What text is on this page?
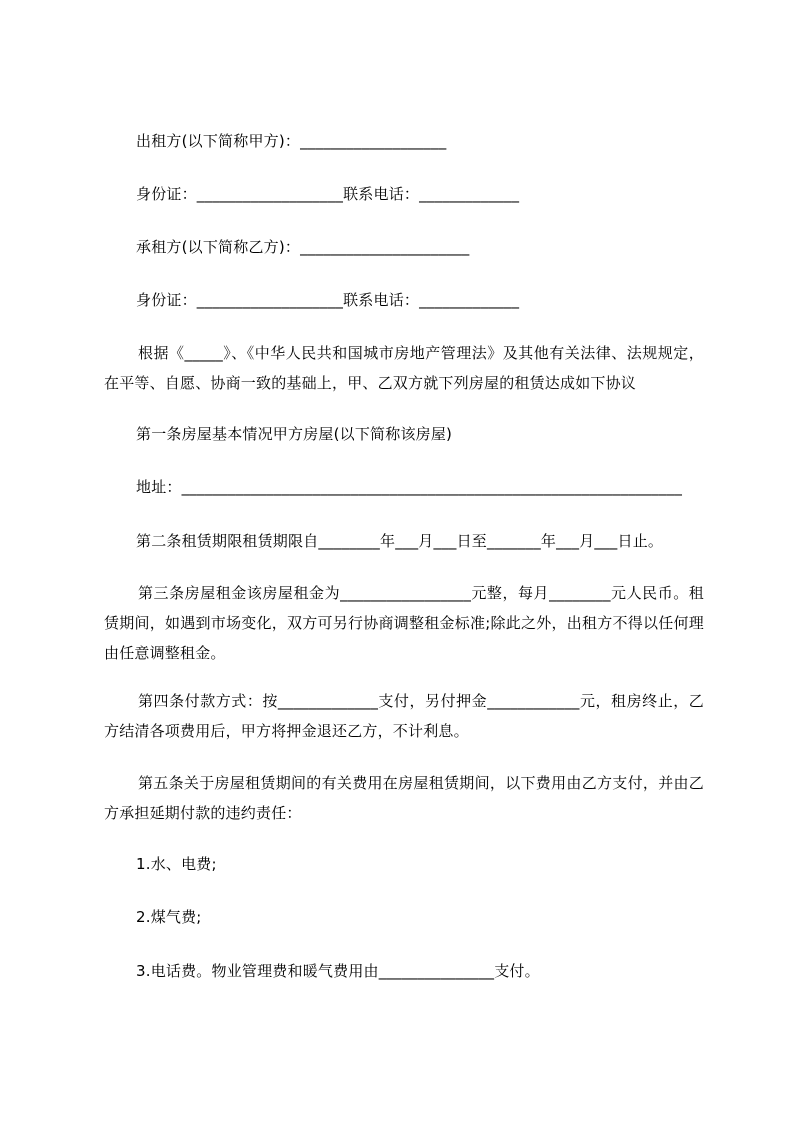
出租方(以下简称甲方)：___________________
身份证：___________________联系电话：_____________
承租方(以下简称乙方)：______________________
身份证：___________________联系电话：_____________
根据《_____》、《中华人民共和国城市房地产管理法》及其他有关法律、法规规定，在平等、自愿、协商一致的基础上，甲、乙双方就下列房屋的租赁达成如下协议
第一条房屋基本情况甲方房屋(以下简称该房屋)
地址：_________________________________________________________________
第二条租赁期限租赁期限自________年___月___日至_______年___月___日止。
第三条房屋租金该房屋租金为_________________元整，每月________元人民币。租赁期间，如遇到市场变化，双方可另行协商调整租金标准;除此之外，出租方不得以任何理由任意调整租金。
第四条付款方式：按_____________支付，另付押金____________元，租房终止，乙方结清各项费用后，甲方将押金退还乙方，不计利息。
第五条关于房屋租赁期间的有关费用在房屋租赁期间，以下费用由乙方支付，并由乙方承担延期付款的违约责任：
1.水、电费;
2.煤气费;
3.电话费。物业管理费和暖气费用由_______________支付。
